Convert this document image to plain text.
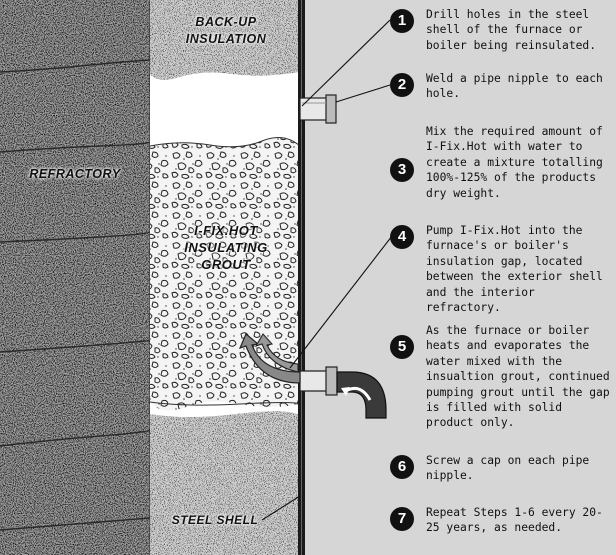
BACK-UP
INSULATION
REFRACTORY
I-FIX.HOT
INSULATING
GROUT
STEEL SHELL
1	Drill holes in the steel shell of the furnace or boiler being reinsulated.
2	Weld a pipe nipple to each hole.
3
Mix the required amount of I-Fix.Hot with water to create a mixture totalling 100%-125% of the products dry weight.
4	Pump I-Fix.Hot into the furnace's or boiler's insulation gap, located between the exterior shell and the interior refractory.
5
As the furnace or boiler heats and evaporates the water mixed with the insualtion grout, continued pumping grout until the gap is filled with solid product only.
6	Screw a cap on each pipe nipple.
7	Repeat Steps 1-6 every 20-25 years, as needed.
